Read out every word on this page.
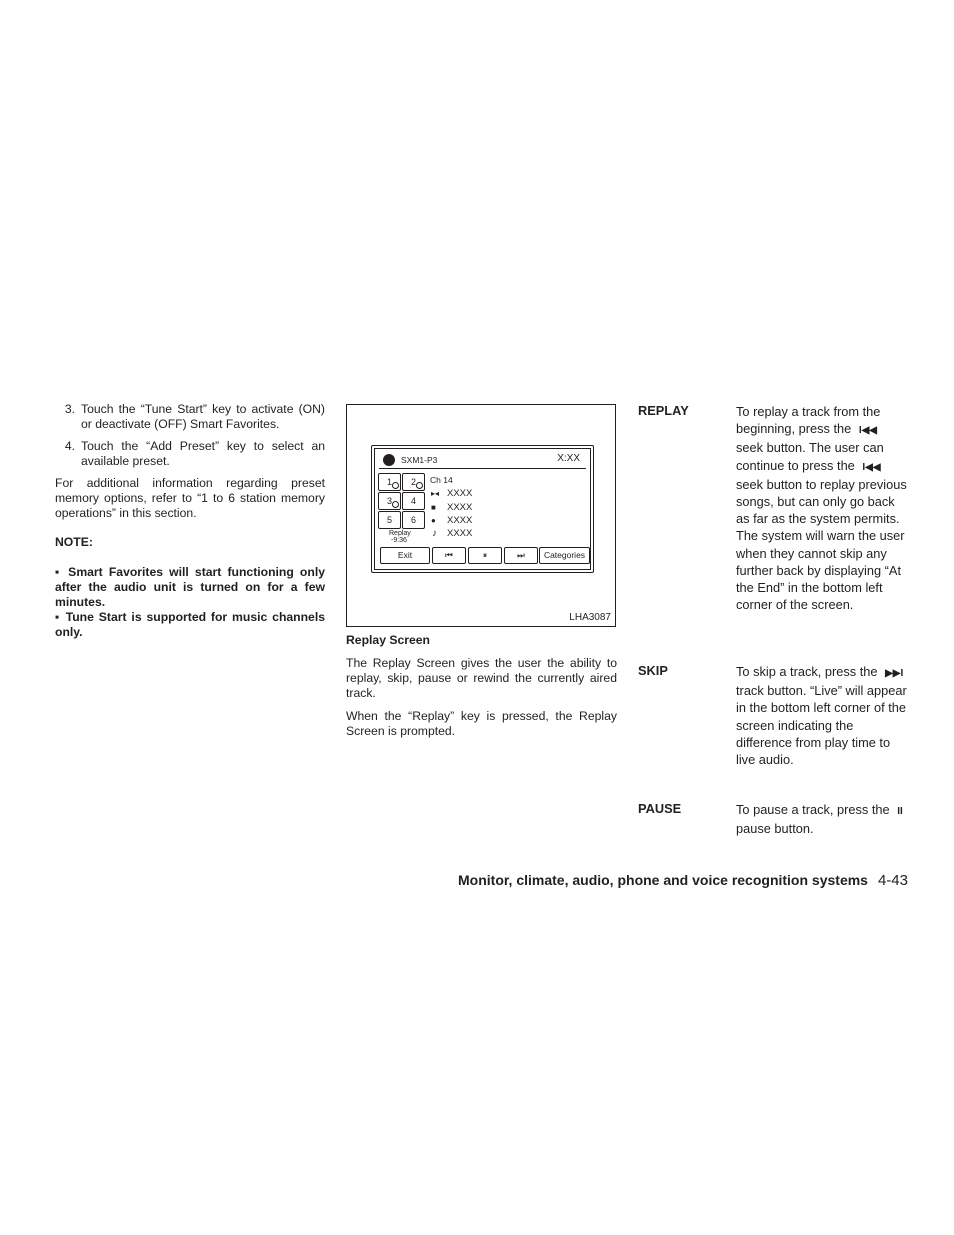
3. Touch the “Tune Start” key to activate (ON) or deactivate (OFF) Smart Favorites.
4. Touch the “Add Preset” key to select an available preset.

For additional information regarding preset memory options, refer to “1 to 6 station memory operations” in this section.

NOTE:

▪ Smart Favorites will start functioning only after the audio unit is turned on for a few minutes.

▪ Tune Start is supported for music channels only.

SXM1-P3	X:XX
1	2
3	4
5	6
Replay
-9:36
Ch 14
▸◂ XXXX
■ XXXX
● XXXX
♪ XXXX
Exit	⏮	⏸	⏭	Categories
LHA3087
Replay Screen

The Replay Screen gives the user the ability to replay, skip, pause or rewind the currently aired track.

When the “Replay” key is pressed, the Replay Screen is prompted.

REPLAY	To replay a track from the beginning, press the I◀◀ seek button. The user can continue to press the I◀◀ seek button to replay previous songs, but can only go back as far as the system permits. The system will warn the user when they cannot skip any further back by displaying “At the End” in the bottom left corner of the screen.
SKIP	To skip a track, press the ▶▶I track button. “Live” will appear in the bottom left corner of the screen indicating the difference from play time to live audio.
PAUSE	To pause a track, press the II pause button.
Monitor, climate, audio, phone and voice recognition systems 4-43
